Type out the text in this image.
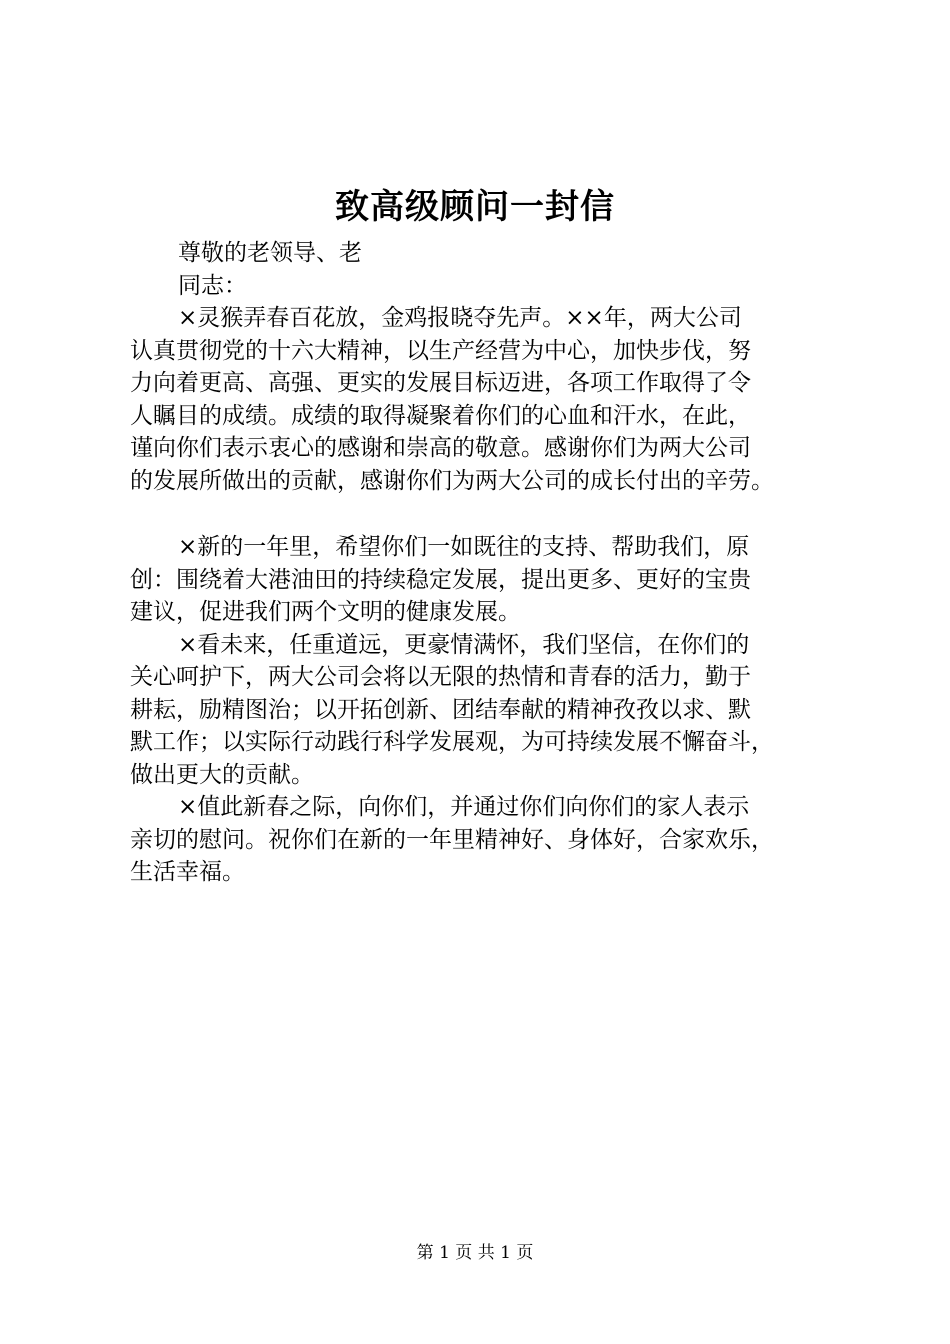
致高级顾问一封信
尊敬的老领导、老
同志：
×灵猴弄春百花放，金鸡报晓夺先声。××年，两大公司
认真贯彻党的十六大精神，以生产经营为中心，加快步伐，努
力向着更高、高强、更实的发展目标迈进，各项工作取得了令
人瞩目的成绩。成绩的取得凝聚着你们的心血和汗水，在此，
谨向你们表示衷心的感谢和崇高的敬意。感谢你们为两大公司
的发展所做出的贡献，感谢你们为两大公司的成长付出的辛劳。
×新的一年里，希望你们一如既往的支持、帮助我们，原
创：围绕着大港油田的持续稳定发展，提出更多、更好的宝贵
建议，促进我们两个文明的健康发展。
×看未来，任重道远，更豪情满怀，我们坚信，在你们的
关心呵护下，两大公司会将以无限的热情和青春的活力，勤于
耕耘，励精图治；以开拓创新、团结奉献的精神孜孜以求、默
默工作；以实际行动践行科学发展观，为可持续发展不懈奋斗，
做出更大的贡献。
×值此新春之际，向你们，并通过你们向你们的家人表示
亲切的慰问。祝你们在新的一年里精神好、身体好，合家欢乐，
生活幸福。
第 1 页 共 1 页
